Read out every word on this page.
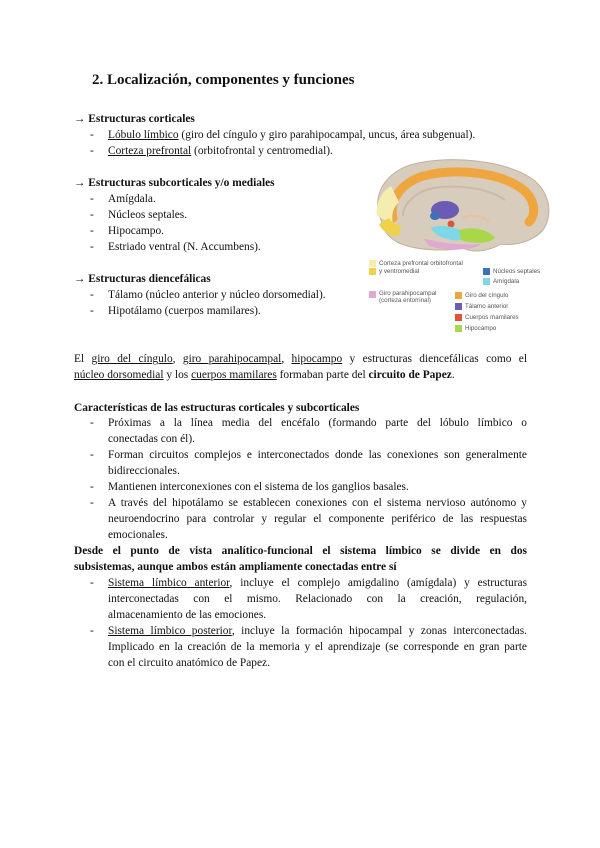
2. Localización, componentes y funciones
→ Estructuras corticales
- Lóbulo límbico (giro del cíngulo y giro parahipocampal, uncus, área subgenual).
- Corteza prefrontal (orbitofrontal y centromedial).
→ Estructuras subcorticales y/o mediales
- Amígdala.
- Núcleos septales.
- Hipocampo.
- Estriado ventral (N. Accumbens).
→ Estructuras diencefálicas
- Tálamo (núcleo anterior y núcleo dorsomedial).
- Hipotálamo (cuerpos mamilares).
Corteza prefrontal orbitofrontal
y ventromedial	Núcleos septales
Amígdala
Giro parahipocampal
(corteza entorrinal)
Giro del cíngulo
Tálamo anterior
Cuerpos mamilares
Hipocampo
El giro del cíngulo, giro parahipocampal, hipocampo y estructuras diencefálicas como el
núcleo dorsomedial y los cuerpos mamilares formaban parte del circuito de Papez.
Características de las estructuras corticales y subcorticales
- Próximas a la línea media del encéfalo (formando parte del lóbulo límbico o
conectadas con él).
- Forman circuitos complejos e interconectados donde las conexiones son generalmente
bidireccionales.
- Mantienen interconexiones con el sistema de los ganglios basales.
- A través del hipotálamo se establecen conexiones con el sistema nervioso autónomo y
neuroendocrino para controlar y regular el componente periférico de las respuestas
emocionales.
Desde el punto de vista analítico-funcional el sistema límbico se divide en dos
subsistemas, aunque ambos están ampliamente conectadas entre sí
- Sistema límbico anterior, incluye el complejo amigdalino (amígdala) y estructuras
interconectadas con el mismo. Relacionado con la creación, regulación,
almacenamiento de las emociones.
- Sistema límbico posterior, incluye la formación hipocampal y zonas interconectadas.
Implicado en la creación de la memoria y el aprendizaje (se corresponde en gran parte
con el circuito anatómico de Papez.
